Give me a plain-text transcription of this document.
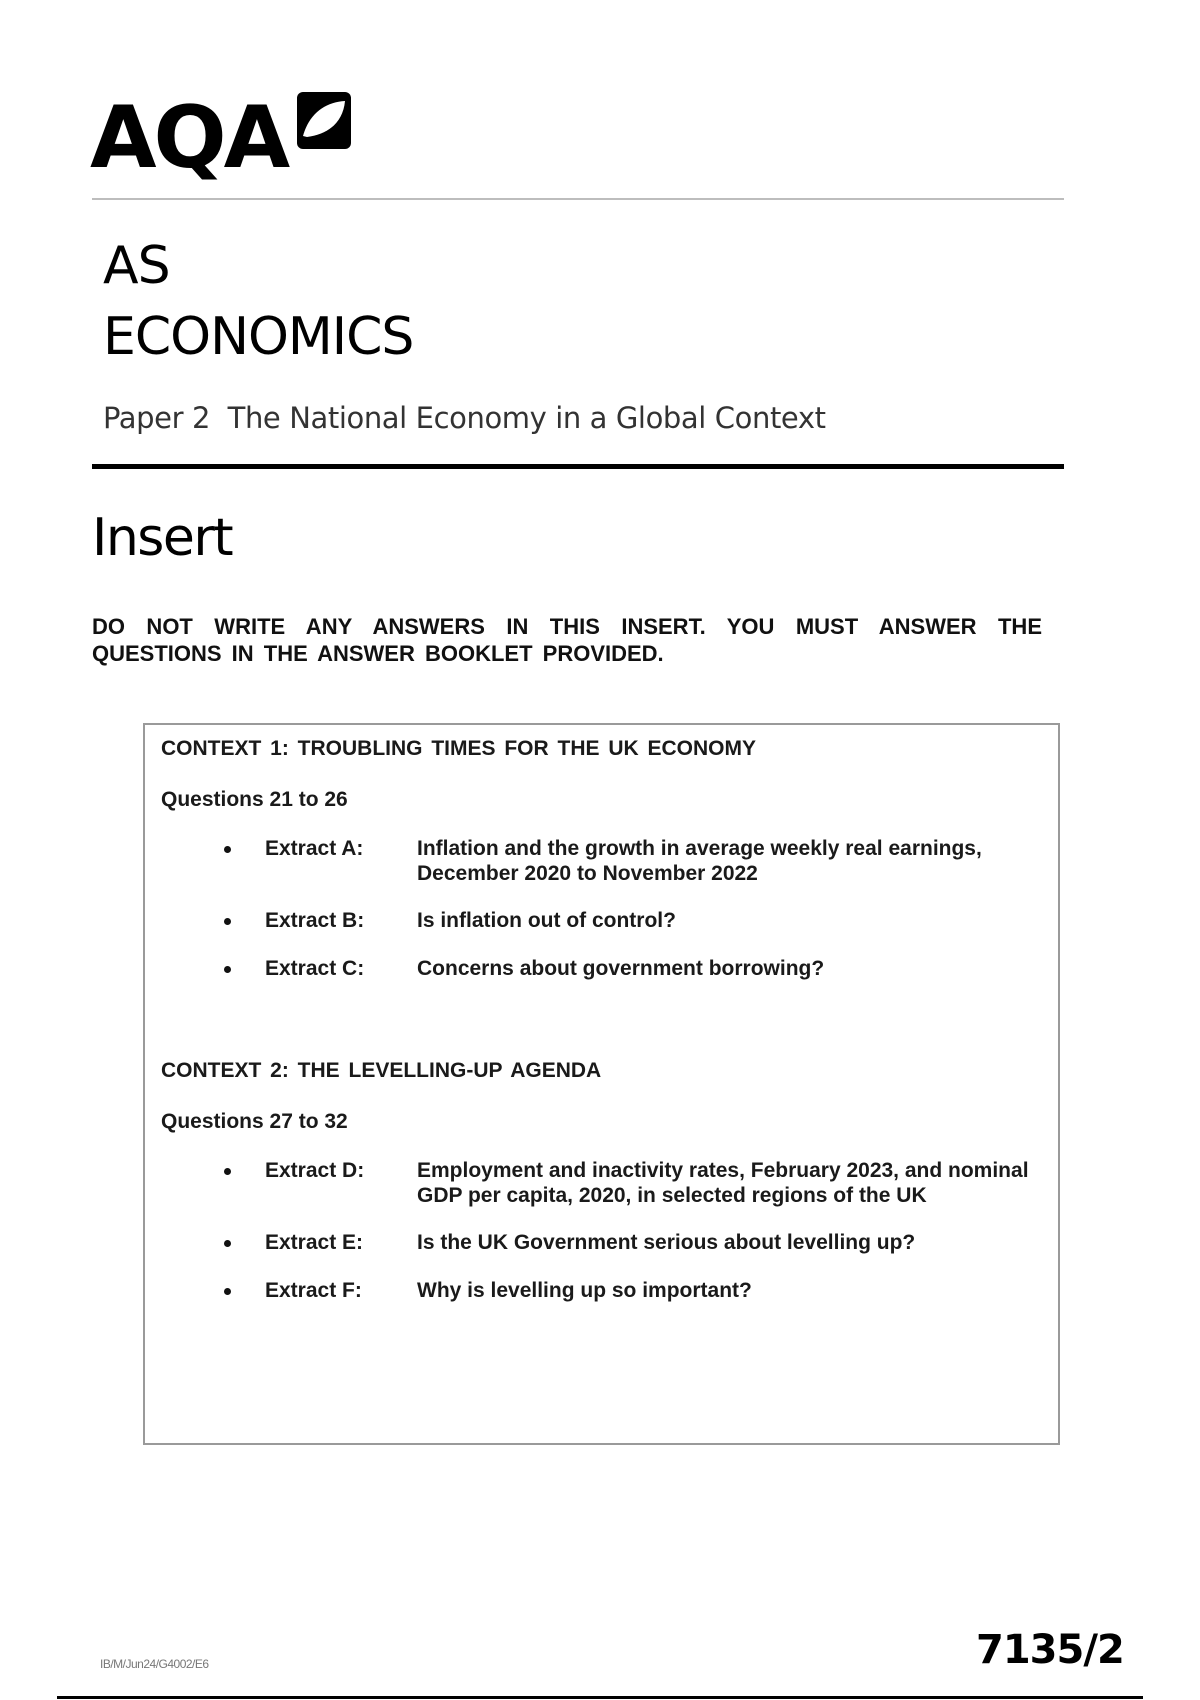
AQA
AS
ECONOMICS
Paper 2  The National Economy in a Global Context
Insert
DO NOT WRITE ANY ANSWERS IN THIS INSERT. YOU MUST ANSWER THE QUESTIONS IN THE ANSWER BOOKLET PROVIDED.

CONTEXT 1: TROUBLING TIMES FOR THE UK ECONOMY

Questions 21 to 26
Extract A:	Inflation and the growth in average weekly real earnings, December 2020 to November 2022
Extract B:	Is inflation out of control?
Extract C:	Concerns about government borrowing?

CONTEXT 2: THE LEVELLING-UP AGENDA

Questions 27 to 32
Extract D:	Employment and inactivity rates, February 2023, and nominal GDP per capita, 2020, in selected regions of the UK
Extract E:	Is the UK Government serious about levelling up?
Extract F:	Why is levelling up so important?
IB/M/Jun24/G4002/E6	7135/2
